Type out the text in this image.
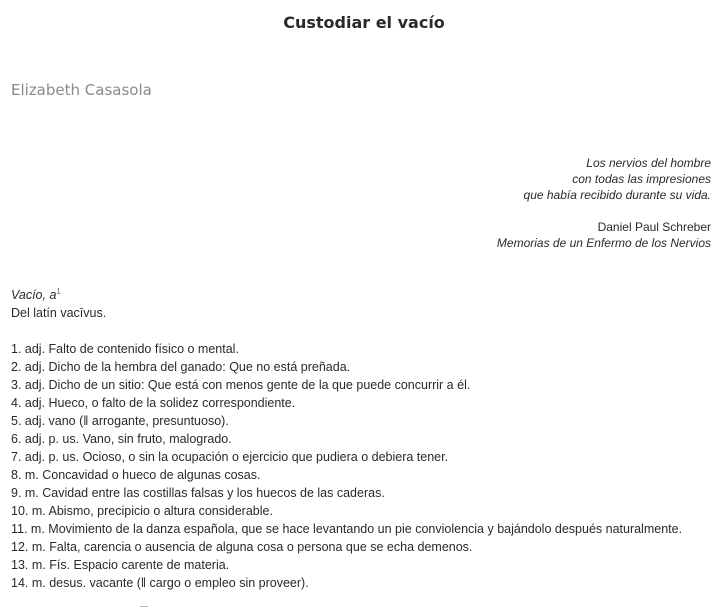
Custodiar el vacío
Elizabeth Casasola
Los nervios del hombre
con todas las impresiones
que había recibido durante su vida.
Daniel Paul Schreber
Memorias de un Enfermo de los Nervios
Vacío, $a^1$
Del latín vacīvus.
1. adj. Falto de contenido físico o mental.
2. adj. Dicho de la hembra del ganado: Que no está preñada.
3. adj. Dicho de un sitio: Que está con menos gente de la que puede concurrir a él.
4. adj. Hueco, o falto de la solidez correspondiente.
5. adj. vano (ǁ arrogante, presuntuoso).
6. adj. p. us. Vano, sin fruto, malogrado.
7. adj. p. us. Ocioso, o sin la ocupación o ejercicio que pudiera o debiera tener.
8. m. Concavidad o hueco de algunas cosas.
9. m. Cavidad entre las costillas falsas y los huecos de las caderas.
10. m. Abismo, precipicio o altura considerable.
11. m. Movimiento de la danza española, que se hace levantando un pie conviolencia y bajándolo después naturalmente.
12. m. Falta, carencia o ausencia de alguna cosa o persona que se echa demenos.
13. m. Fís. Espacio carente de materia.
14. m. desus. vacante (ǁ cargo o empleo sin proveer).
